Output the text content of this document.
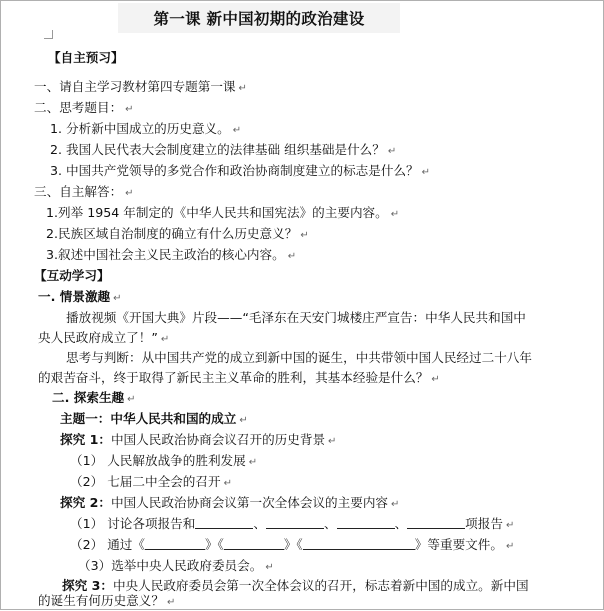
第一课 新中国初期的政治建设
【自主预习】
一、请自主学习教材第四专题第一课 ↵
二、思考题目： ↵
1. 分析新中国成立的历史意义。 ↵
2. 我国人民代表大会制度建立的法律基础 组织基础是什么？ ↵
3. 中国共产党领导的多党合作和政治协商制度建立的标志是什么？ ↵
三、自主解答： ↵
1.列举 1954 年制定的《中华人民共和国宪法》的主要内容。 ↵
2.民族区域自治制度的确立有什么历史意义？ ↵
3.叙述中国社会主义民主政治的核心内容。 ↵
【互动学习】
一. 情景激趣 ↵
播放视频《开国大典》片段——“毛泽东在天安门城楼庄严宣告：中华人民共和国中
央人民政府成立了！” ↵
思考与判断：从中国共产党的成立到新中国的诞生，中共带领中国人民经过二十八年
的艰苦奋斗，终于取得了新民主主义革命的胜利，其基本经验是什么？ ↵
二. 探索生趣 ↵
主题一：中华人民共和国的成立 ↵
探究 1：中国人民政治协商会议召开的历史背景 ↵
（1） 人民解放战争的胜利发展 ↵
（2） 七届二中全会的召开 ↵
探究 2：中国人民政治协商会议第一次全体会议的主要内容 ↵
（1） 讨论各项报告和	、	、	、	项报告 ↵
（2） 通过《	》《	》《	》等重要文件。 ↵
（3）选举中央人民政府委员会。 ↵
探究 3：中央人民政府委员会第一次全体会议的召开，标志着新中国的成立。新中国
的诞生有何历史意义？ ↵
